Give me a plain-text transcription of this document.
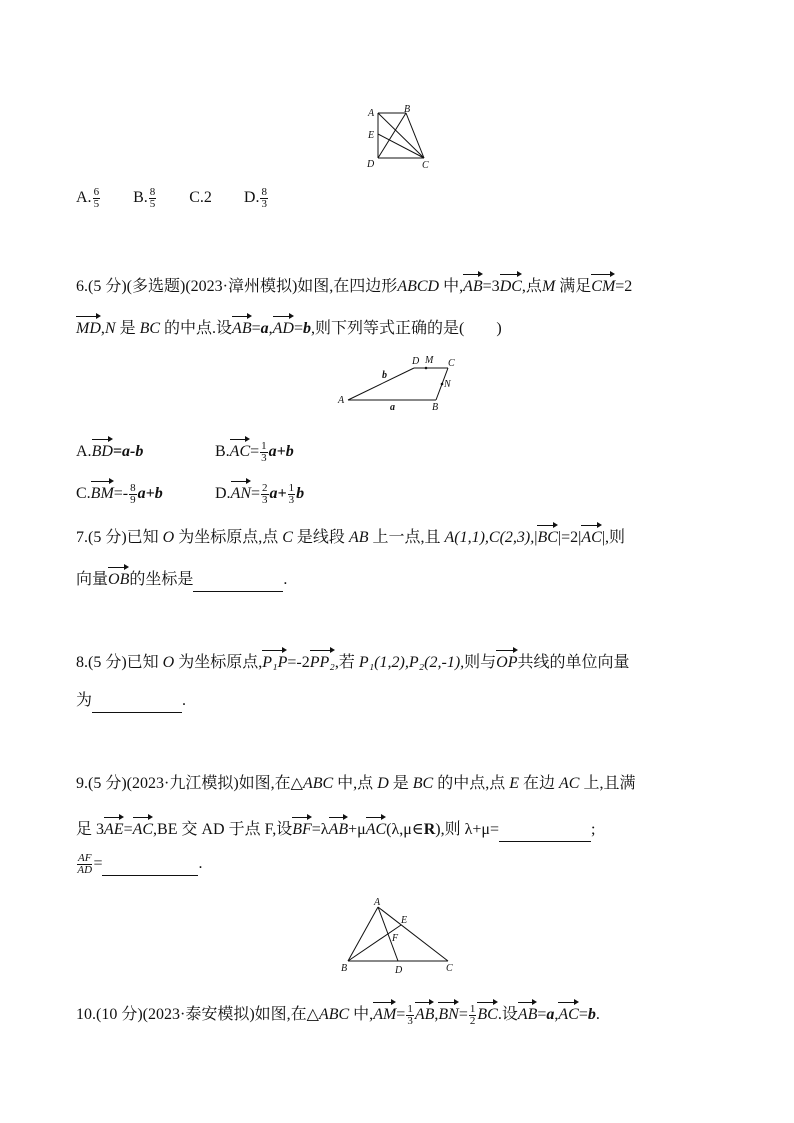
A	B
E
D	C
A. $\frac{6}{5} B$. $\frac{8}{5} C.2$ D. $\frac{8}{3}$
6.(5 分)(多选题)(2023·漳州模拟)如图,在四边形ABCD 中,AB=3DC,点M 满足CM=2
MD,N 是 BC 的中点.设AB=a,AD=b,则下列等式正确的是(　　)
D M C
N
A
B
b
a
A.BD=a-b	$B.AC= \frac{1}{3} a+b$
$C.BM=- \frac{8}{9} a+b$	$D.AN= \frac{2}{3} a+ \frac{1}{3}$ b
7.(5 分)已知 O 为坐标原点,点 C 是线段 AB 上一点,且 A(1,1),C(2,3),|BC|=2|AC|,则
向量OB的坐标是	.
8.(5 分)已知 O 为坐标原点,P₁P=-2PP₂,若 P₁(1,2),P₂(2,-1),则与OP共线的单位向量
为	.
9.(5 分)(2023·九江模拟)如图,在△ABC 中,点 D 是 BC 的中点,点 E 在边 AC 上,且满
足 3AE=AC,BE 交 AD 于点 F,设BF=λAB+μAC(λ,μ∈R),则 λ+μ=	;
$\frac{AF}{AD}$ =	.
A
E
F
B	D	C
10.(10 分)(2023·泰安模拟)如图,在△ABC 中$,AM= \frac{1}{3} AB,BN= \frac{1}{2}$ BC.设AB=a,AC=b.
